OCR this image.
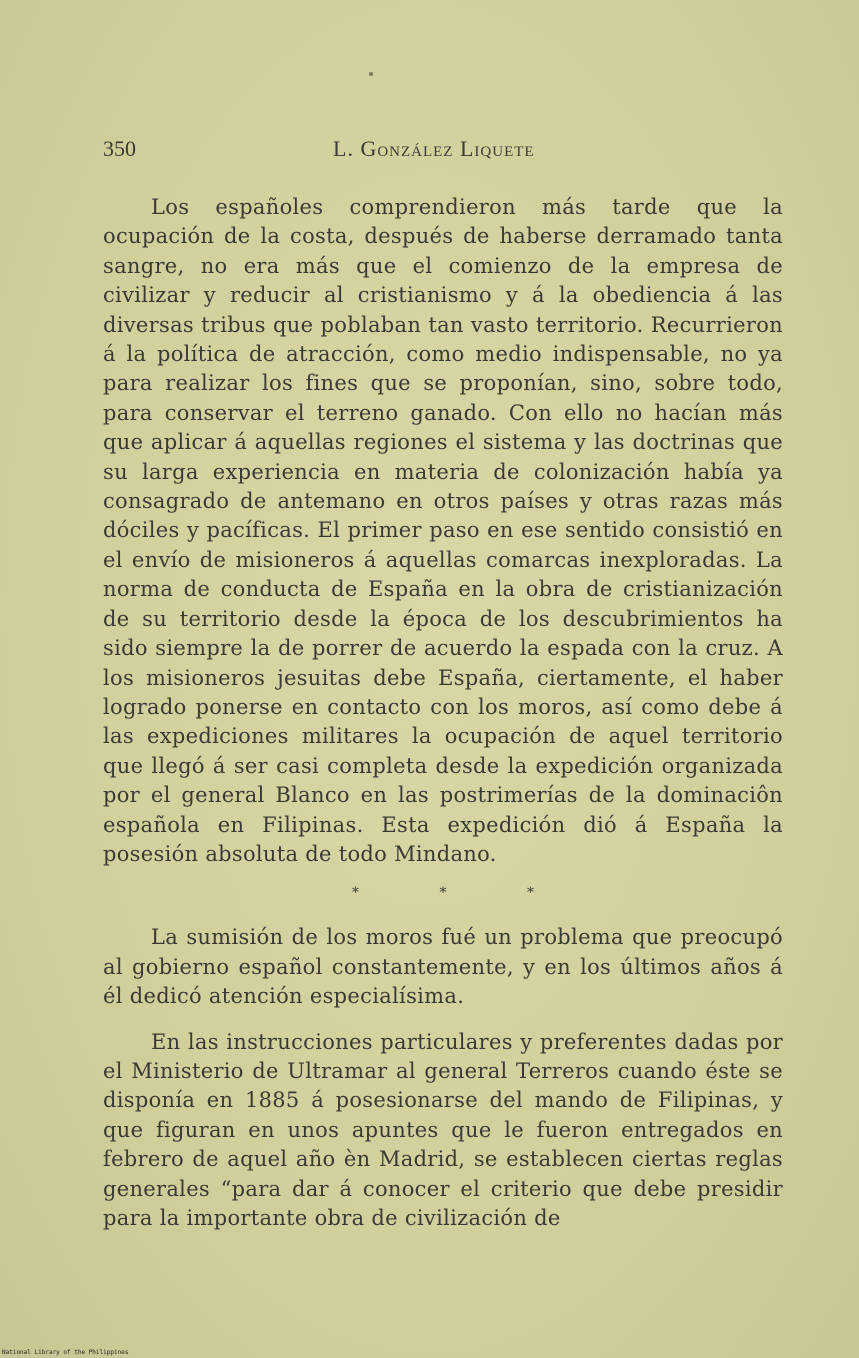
350	L. González Liquete

Los españoles comprendieron más tarde que la ocupación de la costa, después de haberse derramado tanta sangre, no era más que el comienzo de la empresa de civilizar y reducir al cristianismo y á la obediencia á las diversas tribus que poblaban tan vasto territorio. Recurrieron á la política de atracción, como medio indispensable, no ya para realizar los fines que se proponían, sino, sobre todo, para conservar el terreno ganado. Con ello no hacían más que aplicar á aquellas regiones el sistema y las doctrinas que su larga experiencia en materia de colonización había ya consagrado de antemano en otros países y otras razas más dóciles y pacíficas. El primer paso en ese sentido consistió en el envío de misioneros á aquellas comarcas inexploradas. La norma de conducta de España en la obra de cristianización de su territorio desde la época de los descubrimientos ha sido siempre la de porrer de acuerdo la espada con la cruz. A los misioneros jesuitas debe España, ciertamente, el haber logrado ponerse en contacto con los moros, así como debe á las expediciones militares la ocupación de aquel territorio que llegó á ser casi completa desde la expedición organizada por el general Blanco en las postrimerías de la dominaciôn española en Filipinas. Esta expedición dió á España la posesión absoluta de todo Mindano.

* * *

La sumisión de los moros fué un problema que preocupó al gobierno español constantemente, y en los últimos años á él dedicó atención especialísima.

En las instrucciones particulares y preferentes dadas por el Ministerio de Ultramar al general Terreros cuando éste se disponía en 1885 á posesionarse del mando de Filipinas, y que figuran en unos apuntes que le fueron entregados en febrero de aquel año èn Madrid, se establecen ciertas reglas generales “para dar á conocer el criterio que debe presidir para la importante obra de civilización de

National Library of the Philippines
